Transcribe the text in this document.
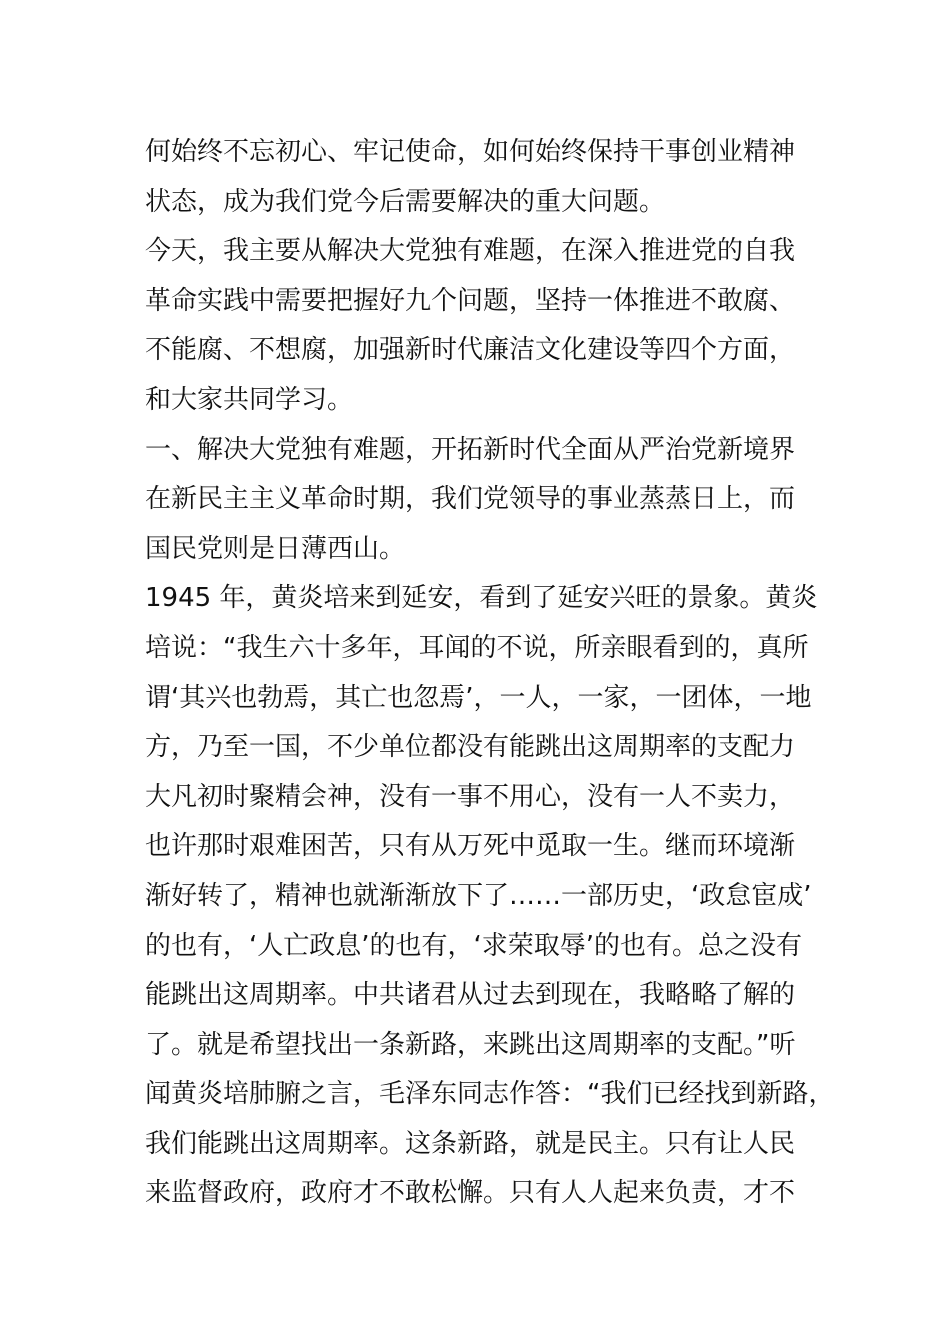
何始终不忘初心、牢记使命，如何始终保持干事创业精神
状态，成为我们党今后需要解决的重大问题。
今天，我主要从解决大党独有难题，在深入推进党的自我
革命实践中需要把握好九个问题，坚持一体推进不敢腐、
不能腐、不想腐，加强新时代廉洁文化建设等四个方面，
和大家共同学习。
一、解决大党独有难题，开拓新时代全面从严治党新境界
在新民主主义革命时期，我们党领导的事业蒸蒸日上，而
国民党则是日薄西山。
1945 年，黄炎培来到延安，看到了延安兴旺的景象。黄炎
培说：“我生六十多年，耳闻的不说，所亲眼看到的，真所
谓‘其兴也勃焉，其亡也忽焉’，一人，一家，一团体，一地
方，乃至一国，不少单位都没有能跳出这周期率的支配力
大凡初时聚精会神，没有一事不用心，没有一人不卖力，
也许那时艰难困苦，只有从万死中觅取一生。继而环境渐
渐好转了，精神也就渐渐放下了……一部历史，‘政怠宦成’
的也有，‘人亡政息’的也有，‘求荣取辱’的也有。总之没有
能跳出这周期率。中共诸君从过去到现在，我略略了解的
了。就是希望找出一条新路，来跳出这周期率的支配。”听
闻黄炎培肺腑之言，毛泽东同志作答：“我们已经找到新路，
我们能跳出这周期率。这条新路，就是民主。只有让人民
来监督政府，政府才不敢松懈。只有人人起来负责，才不
